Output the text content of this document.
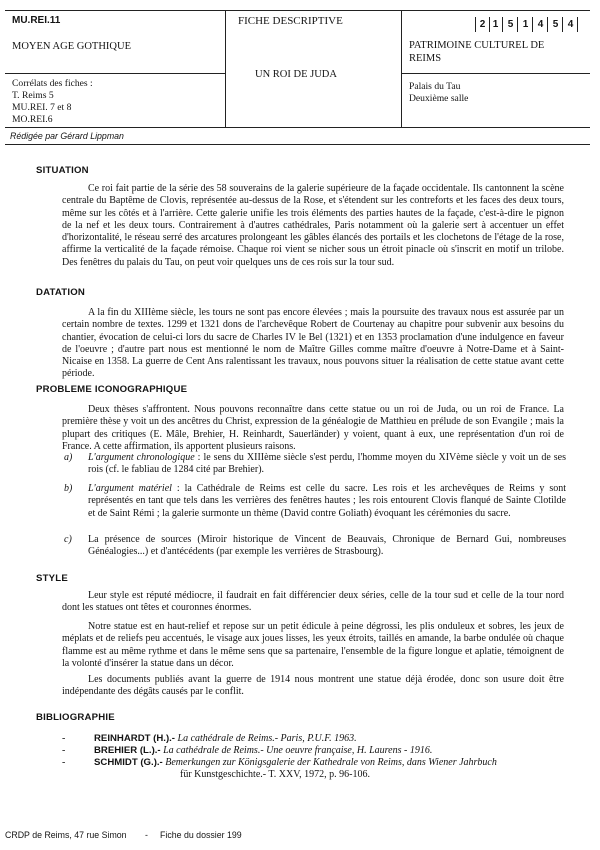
MU.REI.11
MOYEN AGE GOTHIQUE
FICHE DESCRIPTIVE
UN ROI DE JUDA
2 1 5 1 4 5 4
PATRIMOINE CULTUREL DE REIMS
Corrélats des fiches :
T. Reims 5
MU.REI. 7 et 8
MO.REI.6
Palais du Tau
Deuxième salle
Rédigée par Gérard Lippman
SITUATION

Ce roi fait partie de la série des 58 souverains de la galerie supérieure de la façade occidentale. Ils cantonnent la scène centrale du Baptême de Clovis, représentée au-dessus de la Rose, et s'étendent sur les contreforts et les faces des deux tours, même sur les côtés et à l'arrière. Cette galerie unifie les trois éléments des parties hautes de la façade, c'est-à-dire le pignon de la nef et les deux tours. Contrairement à d'autres cathédrales, Paris notamment où la galerie sert à accentuer un effet d'horizontalité, le réseau serré des arcatures prolongeant les gâbles élancés des portails et les clochetons de l'étage de la rose, affirme la verticalité de la façade rémoise. Chaque roi vient se nicher sous un étroit pinacle où s'inscrit en motif un trilobe. Des fenêtres du palais du Tau, on peut voir quelques uns de ces rois sur la tour sud.

DATATION

A la fin du XIIIème siècle, les tours ne sont pas encore élevées ; mais la poursuite des travaux nous est assurée par un certain nombre de textes. 1299 et 1321 dons de l'archevêque Robert de Courtenay au chapitre pour subvenir aux besoins du chantier, évocation de celui-ci lors du sacre de Charles IV le Bel (1321) et en 1353 proclamation d'une indulgence en faveur de l'oeuvre ; d'autre part nous est mentionné le nom de Maître Gilles comme maître d'oeuvre à Notre-Dame et à Saint-Nicaise en 1358. La guerre de Cent Ans ralentissant les travaux, nous pouvons situer la réalisation de cette statue avant cette période.

PROBLEME ICONOGRAPHIQUE

Deux thèses s'affrontent. Nous pouvons reconnaître dans cette statue ou un roi de Juda, ou un roi de France. La première thèse y voit un des ancêtres du Christ, expression de la généalogie de Matthieu en prélude de son Evangile ; mais la plupart des critiques (E. Mâle, Brehier, H. Reinhardt, Sauerländer) y voient, quant à eux, une représentation d'un roi de France. A cette affirmation, ils apportent plusieurs raisons.

a) L'argument chronologique : le sens du XIIIème siècle s'est perdu, l'homme moyen du XIVème siècle y voit un de ses rois (cf. le fabliau de 1284 cité par Brehier).
b) L'argument matériel : la Cathédrale de Reims est celle du sacre. Les rois et les archevêques de Reims y sont représentés en tant que tels dans les verrières des fenêtres hautes ; les rois entourent Clovis flanqué de Sainte Clotilde et de Saint Rémi ; la galerie surmonte un thème (David contre Goliath) évoquant les cérémonies du sacre.
c) La présence de sources (Miroir historique de Vincent de Beauvais, Chronique de Bernard Gui, nombreuses Généalogies...) et d'antécédents (par exemple les verrières de Strasbourg).
STYLE

Leur style est réputé médiocre, il faudrait en fait différencier deux séries, celle de la tour sud et celle de la tour nord dont les statues ont têtes et couronnes énormes.

Notre statue est en haut-relief et repose sur un petit édicule à peine dégrossi, les plis onduleux et sobres, les jeux de méplats et de reliefs peu accentués, le visage aux joues lisses, les yeux étroits, taillés en amande, la barbe ondulée où chaque flamme est au même rythme et dans le même sens que sa partenaire, l'ensemble de la figure longue et aplatie, témoignent de la volonté d'insérer la statue dans un décor.

Les documents publiés avant la guerre de 1914 nous montrent une statue déjà érodée, donc son usure doit être indépendante des dégâts causés par le conflit.

BIBLIOGRAPHIE
-	REINHARDT (H.).- La cathédrale de Reims.- Paris, P.U.F. 1963.
-	BREHIER (L.).- La cathédrale de Reims.- Une oeuvre française, H. Laurens - 1916.
-	SCHMIDT (G.).- Bemerkungen zur Königsgalerie der Kathedrale von Reims, dans Wiener Jahrbuch
für Kunstgeschichte.- T. XXV, 1972, p. 96-106.
CRDP de Reims, 47 rue Simon - Fiche du dossier 199
